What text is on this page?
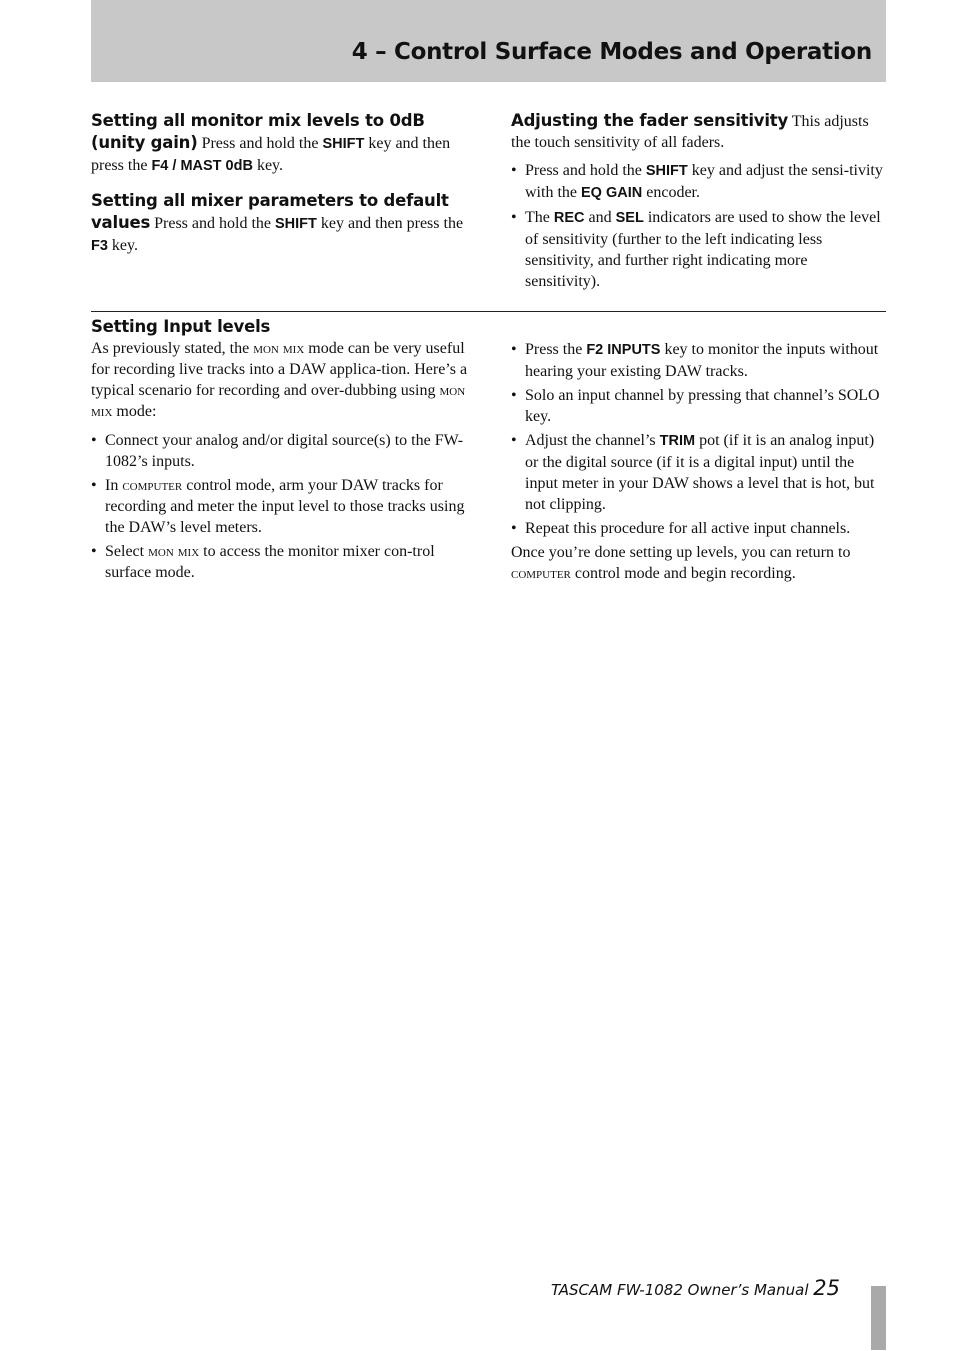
4 – Control Surface Modes and Operation

Setting all monitor mix levels to 0dB (unity gain) Press and hold the SHIFT key and then press the F4 / MAST 0dB key.

Setting all mixer parameters to default values Press and hold the SHIFT key and then press the F3 key.

Adjusting the fader sensitivity This adjusts the touch sensitivity of all faders.

• Press and hold the SHIFT key and adjust the sensi-tivity with the EQ GAIN encoder.
• The REC and SEL indicators are used to show the level of sensitivity (further to the left indicating less sensitivity, and further right indicating more sensitivity).
Setting Input levels

As previously stated, the mon mix mode can be very useful for recording live tracks into a DAW applica-tion. Here’s a typical scenario for recording and over-dubbing using mon mix mode:

• Connect your analog and/or digital source(s) to the FW-1082’s inputs.
• In computer control mode, arm your DAW tracks for recording and meter the input level to those tracks using the DAW’s level meters.
• Select mon mix to access the monitor mixer con-trol surface mode.
• Press the F2 INPUTS key to monitor the inputs without hearing your existing DAW tracks.
• Solo an input channel by pressing that channel’s SOLO key.
• Adjust the channel’s TRIM pot (if it is an analog input) or the digital source (if it is a digital input) until the input meter in your DAW shows a level that is hot, but not clipping.
• Repeat this procedure for all active input channels.

Once you’re done setting up levels, you can return to computer control mode and begin recording.

TASCAM FW-1082 Owner’s Manual 25
